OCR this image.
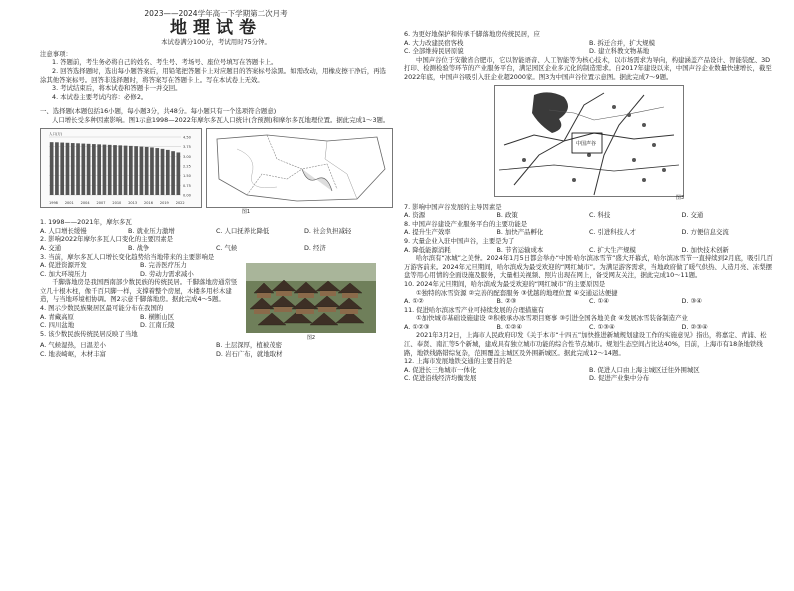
2023——2024学年高一下学期第二次月考

地理试卷

本试卷满分100分，考试用时75分钟。

注意事项：

1. 答题前，考生务必将自己的姓名、考生号、考场号、座位号填写在答题卡上。

2. 回答选择题时，选出每小题答案后，用铅笔把答题卡上对应题目的答案标号涂黑。如需改动，用橡皮擦干净后，再选涂其他答案标号。回答非选择题时，将答案写在答题卡上。写在本试卷上无效。

3. 考试结束后，将本试卷和答题卡一并交回。

4. 本试卷主要考试内容：必修2。

一、选择题(本题包括16小题，每小题3分，共48分。每小题只有一个选项符合题意)

人口增长受多种因素影响。图1示意1998—2022年摩尔多瓦人口统计(含预测)和摩尔多瓦地理位置。据此完成1～3题。

1998 2001 2004 2007 2010 2013 2016 2019 2022
4.50
3.75
3.00
2.25
1.50
0.75
0.00
人口(万)

图1

1. 1998——2021年，摩尔多瓦

A. 人口增长缓慢	B. 就业压力激增	C. 人口抚养比降低	D. 社会负担减轻

2. 影响2022年摩尔多瓦人口变化的主要因素是

A. 交通	B. 战争	C. 气候	D. 经济

3. 当前，摩尔多瓦人口增长变化趋势给当地带来的主要影响是

A. 促进资源开发	B. 完善医疗压力
C. 加大环境压力	D. 劳动力需求减小

千脚落地房是我国西南部少数民族的传统民居。千脚落地房通常竖立几十根木柱，像千百只脚一样，支撑着整个房屋，木楼多用杉木建造，与当地环境相协调。图2示意千脚落地房。据此完成4～5题。

4. 图示少数民族聚居区最可能分布在我国的

A. 青藏高原	B. 横断山区
C. 四川盆地	D. 江南丘陵

5. 该少数民族传统民居反映了当地

图2

A. 气候湿热，日温差小	B. 土层深厚，植被茂密
C. 地表崎岖，木材丰富	D. 岩石广布，就地取材

6. 为更好地保护和传承千脚落地房传统民居，应

A. 大力改建民宿客栈	B. 拆迁合并，扩大规模
C. 全部维持民居原貌	D. 建立科教文物基地

中国声谷位于安徽省合肥市，它以智能语音、人工智能等为核心技术，以市场需求为导向，构建涵盖产品设计、智能装配、3D打印、检测检验等环节的产业服务平台，满足园区企业多元化的制造需求。自2017年建设以来，中国声谷企业数量快速增长，截至2022年底，中国声谷吸引入驻企业超2000家。图3为中国声谷位置示意图。据此完成7～9题。

中国声谷

图3

7. 影响中国声谷发展的主导因素是

A. 资源	B. 政策	C. 科技	D. 交通

8. 中国声谷建设产业服务平台的主要功能是

A. 提升生产效率	B. 加快产品孵化	C. 引进科技人才	D. 方便信息交流

9. 大量企业入驻中国声谷，主要是为了

A. 降低能源消耗	B. 节省运输成本	C. 扩大生产规模	D. 加快技术创新

哈尔滨有“冰城”之美誉。2024年1月5日都会举办“中国·哈尔滨冰雪节”盛大开幕式，哈尔滨冰雪节一直持续到2月底，吸引几百万游客前来。2024年元旦期间，哈尔滨成为最受欢迎的“网红城市”。为满足游客需求，当地政府做了暖气供热、人造月亮、冻梨摆盘等用心用情的全面设施及服务，大量相关视频、照片出现在网上，备受网友关注，据此完成10～11题。

10. 2024年元旦期间，哈尔滨成为最受欢迎的“网红城市”的主要原因是

①独特的冰雪资源 ②完善的配套服务 ③优越的地理位置 ④交通运达便捷

A. ①②	B. ②③	C. ①④	D. ③④

11. 促进哈尔滨冰雪产业可持续发展的合理措施有

①加快城市基础设施建设 ②积极承办冰雪项目赛事 ③引进全国各地美食 ④发展冰雪装备制造产业

A. ①②③	B. ①②④	C. ①③④	D. ②③④

2021年3月2日，上海市人民政府印发《关于本市“十四五”加快推进新城规划建设工作的实施意见》指出，将嘉定、青浦、松江、奉贤、南汇等5个新城，建成具有独立城市功能的综合性节点城市。规划生态空间占比达40%，目前，上海市有18条地铁线路，地铁线路错综复杂，范围覆盖主城区及外围新城区。据此完成12～14题。

12. 上海市发展地铁交通的主要目的是

A. 促进长三角城市一体化	B. 促进人口由上海主城区迁往外围城区
C. 促进沿线经济均衡发展	D. 促进产业集中分布
